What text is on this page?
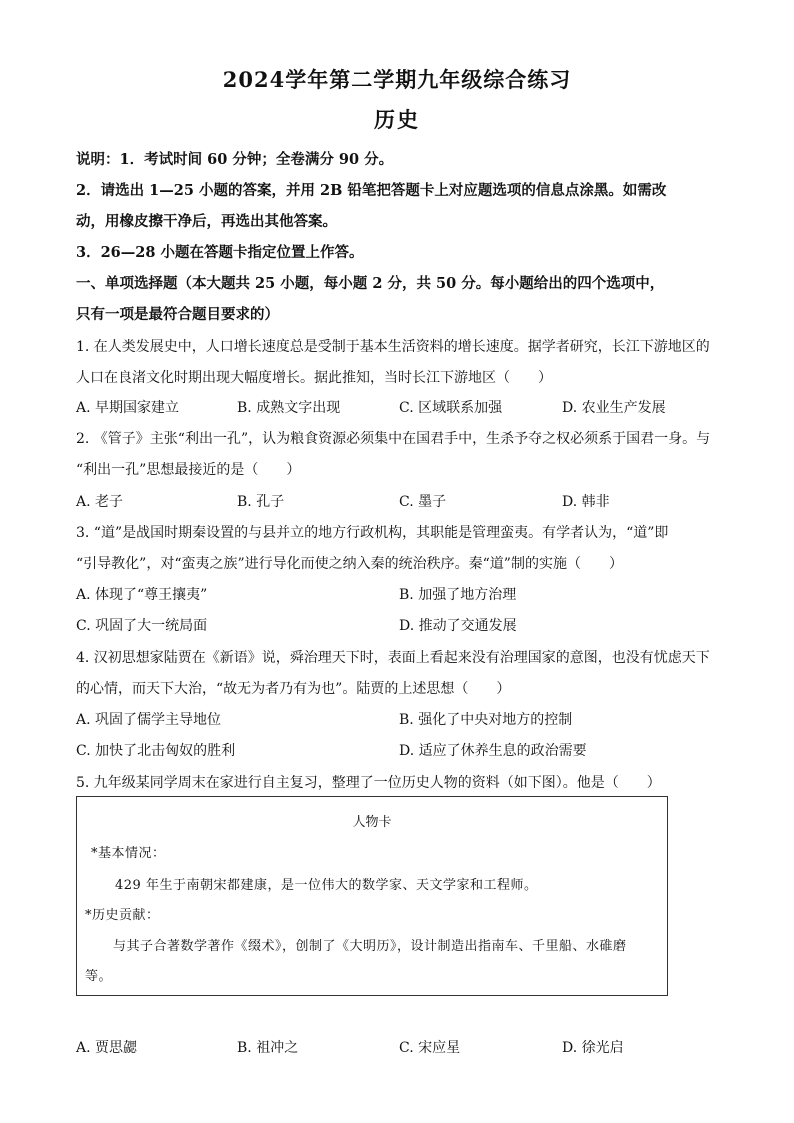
2024学年第二学期九年级综合练习
历史
说明：1．考试时间 60 分钟；全卷满分 90 分。
2．请选出 1—25 小题的答案，并用 2B 铅笔把答题卡上对应题选项的信息点涂黑。如需改
动，用橡皮擦干净后，再选出其他答案。
3．26—28 小题在答题卡指定位置上作答。
一、单项选择题（本大题共 25 小题，每小题 2 分，共 50 分。每小题给出的四个选项中，
只有一项是最符合题目要求的）
1. 在人类发展史中，人口增长速度总是受制于基本生活资料的增长速度。据学者研究，长江下游地区的
人口在良渚文化时期出现大幅度增长。据此推知，当时长江下游地区（　　）
A. 早期国家建立	B. 成熟文字出现	C. 区域联系加强	D. 农业生产发展
2. 《管子》主张“利出一孔”，认为粮食资源必须集中在国君手中，生杀予夺之权必须系于国君一身。与
“利出一孔”思想最接近的是（　　）
A. 老子	B. 孔子	C. 墨子	D. 韩非
3. “道”是战国时期秦设置的与县并立的地方行政机构，其职能是管理蛮夷。有学者认为，“道”即
“引导教化”，对“蛮夷之族”进行导化而使之纳入秦的统治秩序。秦“道”制的实施（　　）
A. 体现了“尊王攘夷”	B. 加强了地方治理
C. 巩固了大一统局面	D. 推动了交通发展
4. 汉初思想家陆贾在《新语》说，舜治理天下时，表面上看起来没有治理国家的意图，也没有忧虑天下
的心情，而天下大治，“故无为者乃有为也”。陆贾的上述思想（　　）
A. 巩固了儒学主导地位	B. 强化了中央对地方的控制
C. 加快了北击匈奴的胜利	D. 适应了休养生息的政治需要
5. 九年级某同学周末在家进行自主复习，整理了一位历史人物的资料（如下图）。他是（　　）
人物卡
*基本情况：
429 年生于南朝宋都建康，是一位伟大的数学家、天文学家和工程师。
*历史贡献：
与其子合著数学著作《缀术》，创制了《大明历》，设计制造出指南车、千里船、水碓磨
等。
A. 贾思勰	B. 祖冲之	C. 宋应星	D. 徐光启
